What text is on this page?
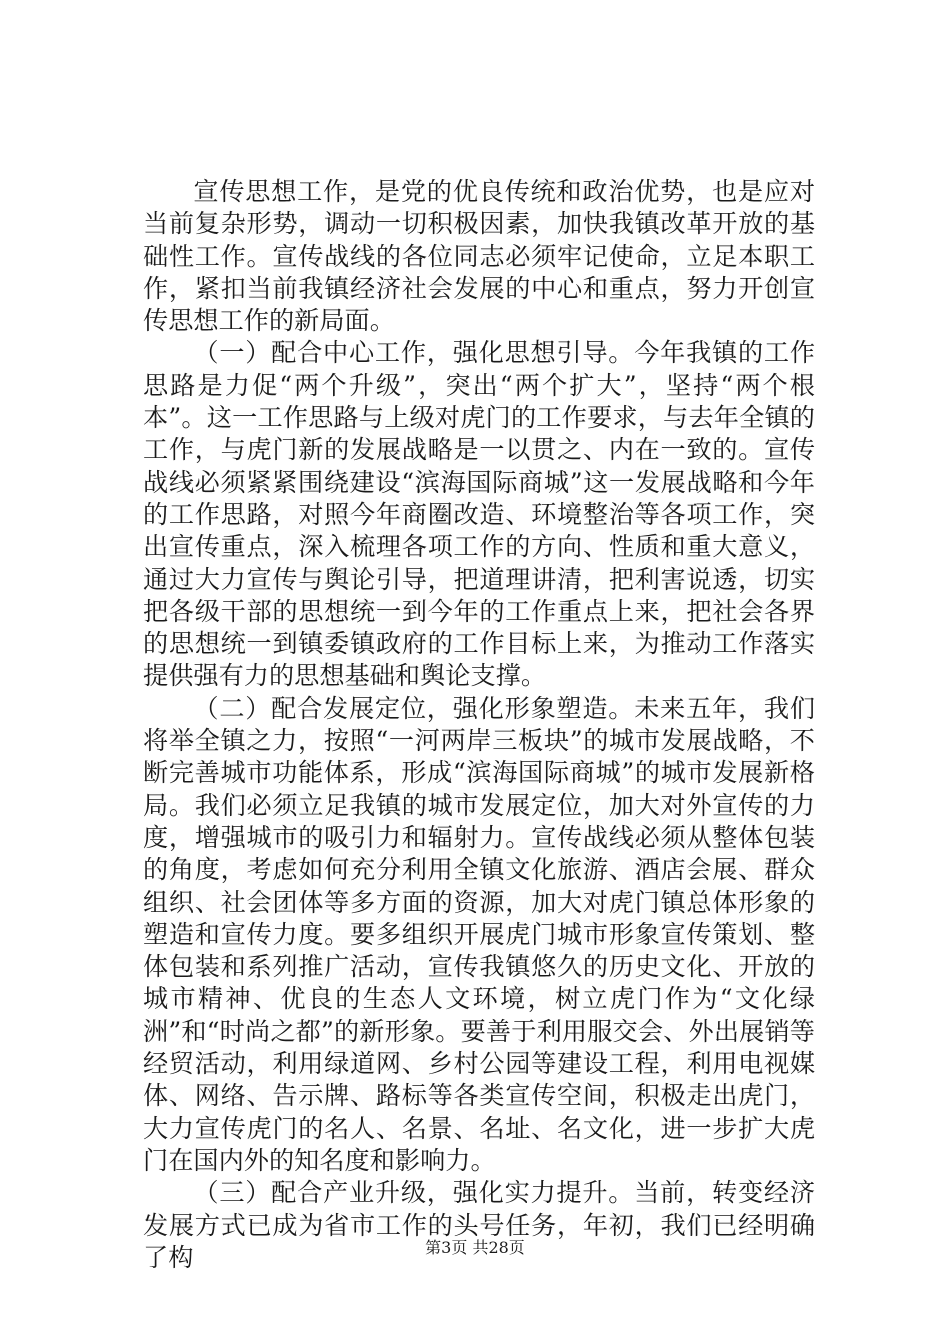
宣传思想工作，是党的优良传统和政治优势，也是应对当前复杂形势，调动一切积极因素，加快我镇改革开放的基础性工作。宣传战线的各位同志必须牢记使命，立足本职工作，紧扣当前我镇经济社会发展的中心和重点，努力开创宣传思想工作的新局面。

（一）配合中心工作，强化思想引导。今年我镇的工作思路是力促“两个升级”，突出“两个扩大”，坚持“两个根本”。这一工作思路与上级对虎门的工作要求，与去年全镇的工作，与虎门新的发展战略是一以贯之、内在一致的。宣传战线必须紧紧围绕建设“滨海国际商城”这一发展战略和今年的工作思路，对照今年商圈改造、环境整治等各项工作，突出宣传重点，深入梳理各项工作的方向、性质和重大意义，通过大力宣传与舆论引导，把道理讲清，把利害说透，切实把各级干部的思想统一到今年的工作重点上来，把社会各界的思想统一到镇委镇政府的工作目标上来，为推动工作落实提供强有力的思想基础和舆论支撑。

（二）配合发展定位，强化形象塑造。未来五年，我们将举全镇之力，按照“一河两岸三板块”的城市发展战略，不断完善城市功能体系，形成“滨海国际商城”的城市发展新格局。我们必须立足我镇的城市发展定位，加大对外宣传的力度，增强城市的吸引力和辐射力。宣传战线必须从整体包装的角度，考虑如何充分利用全镇文化旅游、酒店会展、群众组织、社会团体等多方面的资源，加大对虎门镇总体形象的塑造和宣传力度。要多组织开展虎门城市形象宣传策划、整体包装和系列推广活动，宣传我镇悠久的历史文化、开放的城市精神、优良的生态人文环境，树立虎门作为“文化绿洲”和“时尚之都”的新形象。要善于利用服交会、外出展销等经贸活动，利用绿道网、乡村公园等建设工程，利用电视媒体、网络、告示牌、路标等各类宣传空间，积极走出虎门，大力宣传虎门的名人、名景、名址、名文化，进一步扩大虎门在国内外的知名度和影响力。

（三）配合产业升级，强化实力提升。当前，转变经济发展方式已成为省市工作的头号任务，年初，我们已经明确了构	第3页 共28页
